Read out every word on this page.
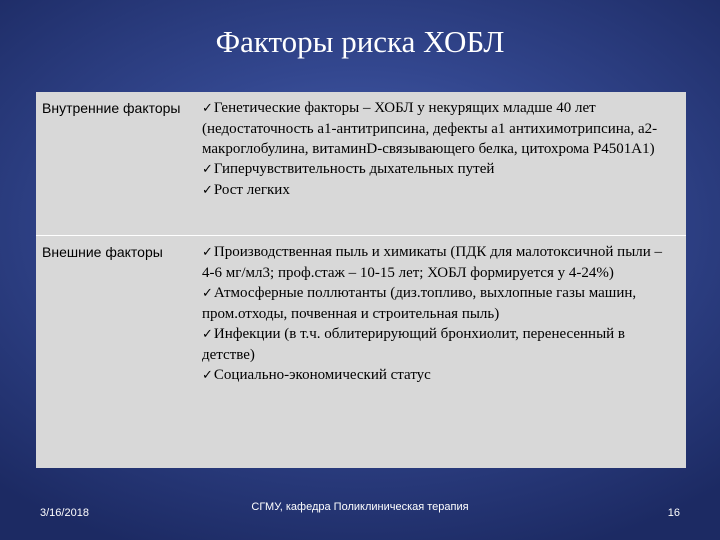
Факторы риска ХОБЛ
Внутренние факторы	✓Генетические факторы – ХОБЛ у некурящих младше 40 лет (недостаточность а1-антитрипсина, дефекты а1 антихимотрипсина, а2-макроглобулина, витаминD-связывающего белка, цитохрома Р4501А1)
✓Гиперчувствительность дыхательных путей
✓Рост легких

Внешние факторы	✓Производственная пыль и химикаты (ПДК для малотоксичной пыли – 4-6 мг/мл3; проф.стаж – 10-15 лет; ХОБЛ формируется у 4-24%)
✓Атмосферные поллютанты (диз.топливо, выхлопные газы машин, пром.отходы, почвенная и строительная пыль)
✓Инфекции (в т.ч. облитерирующий бронхиолит, перенесенный в детстве)
✓Социально-экономический статус
3/16/2018	СГМУ, кафедра Поликлиническая терапия	16
